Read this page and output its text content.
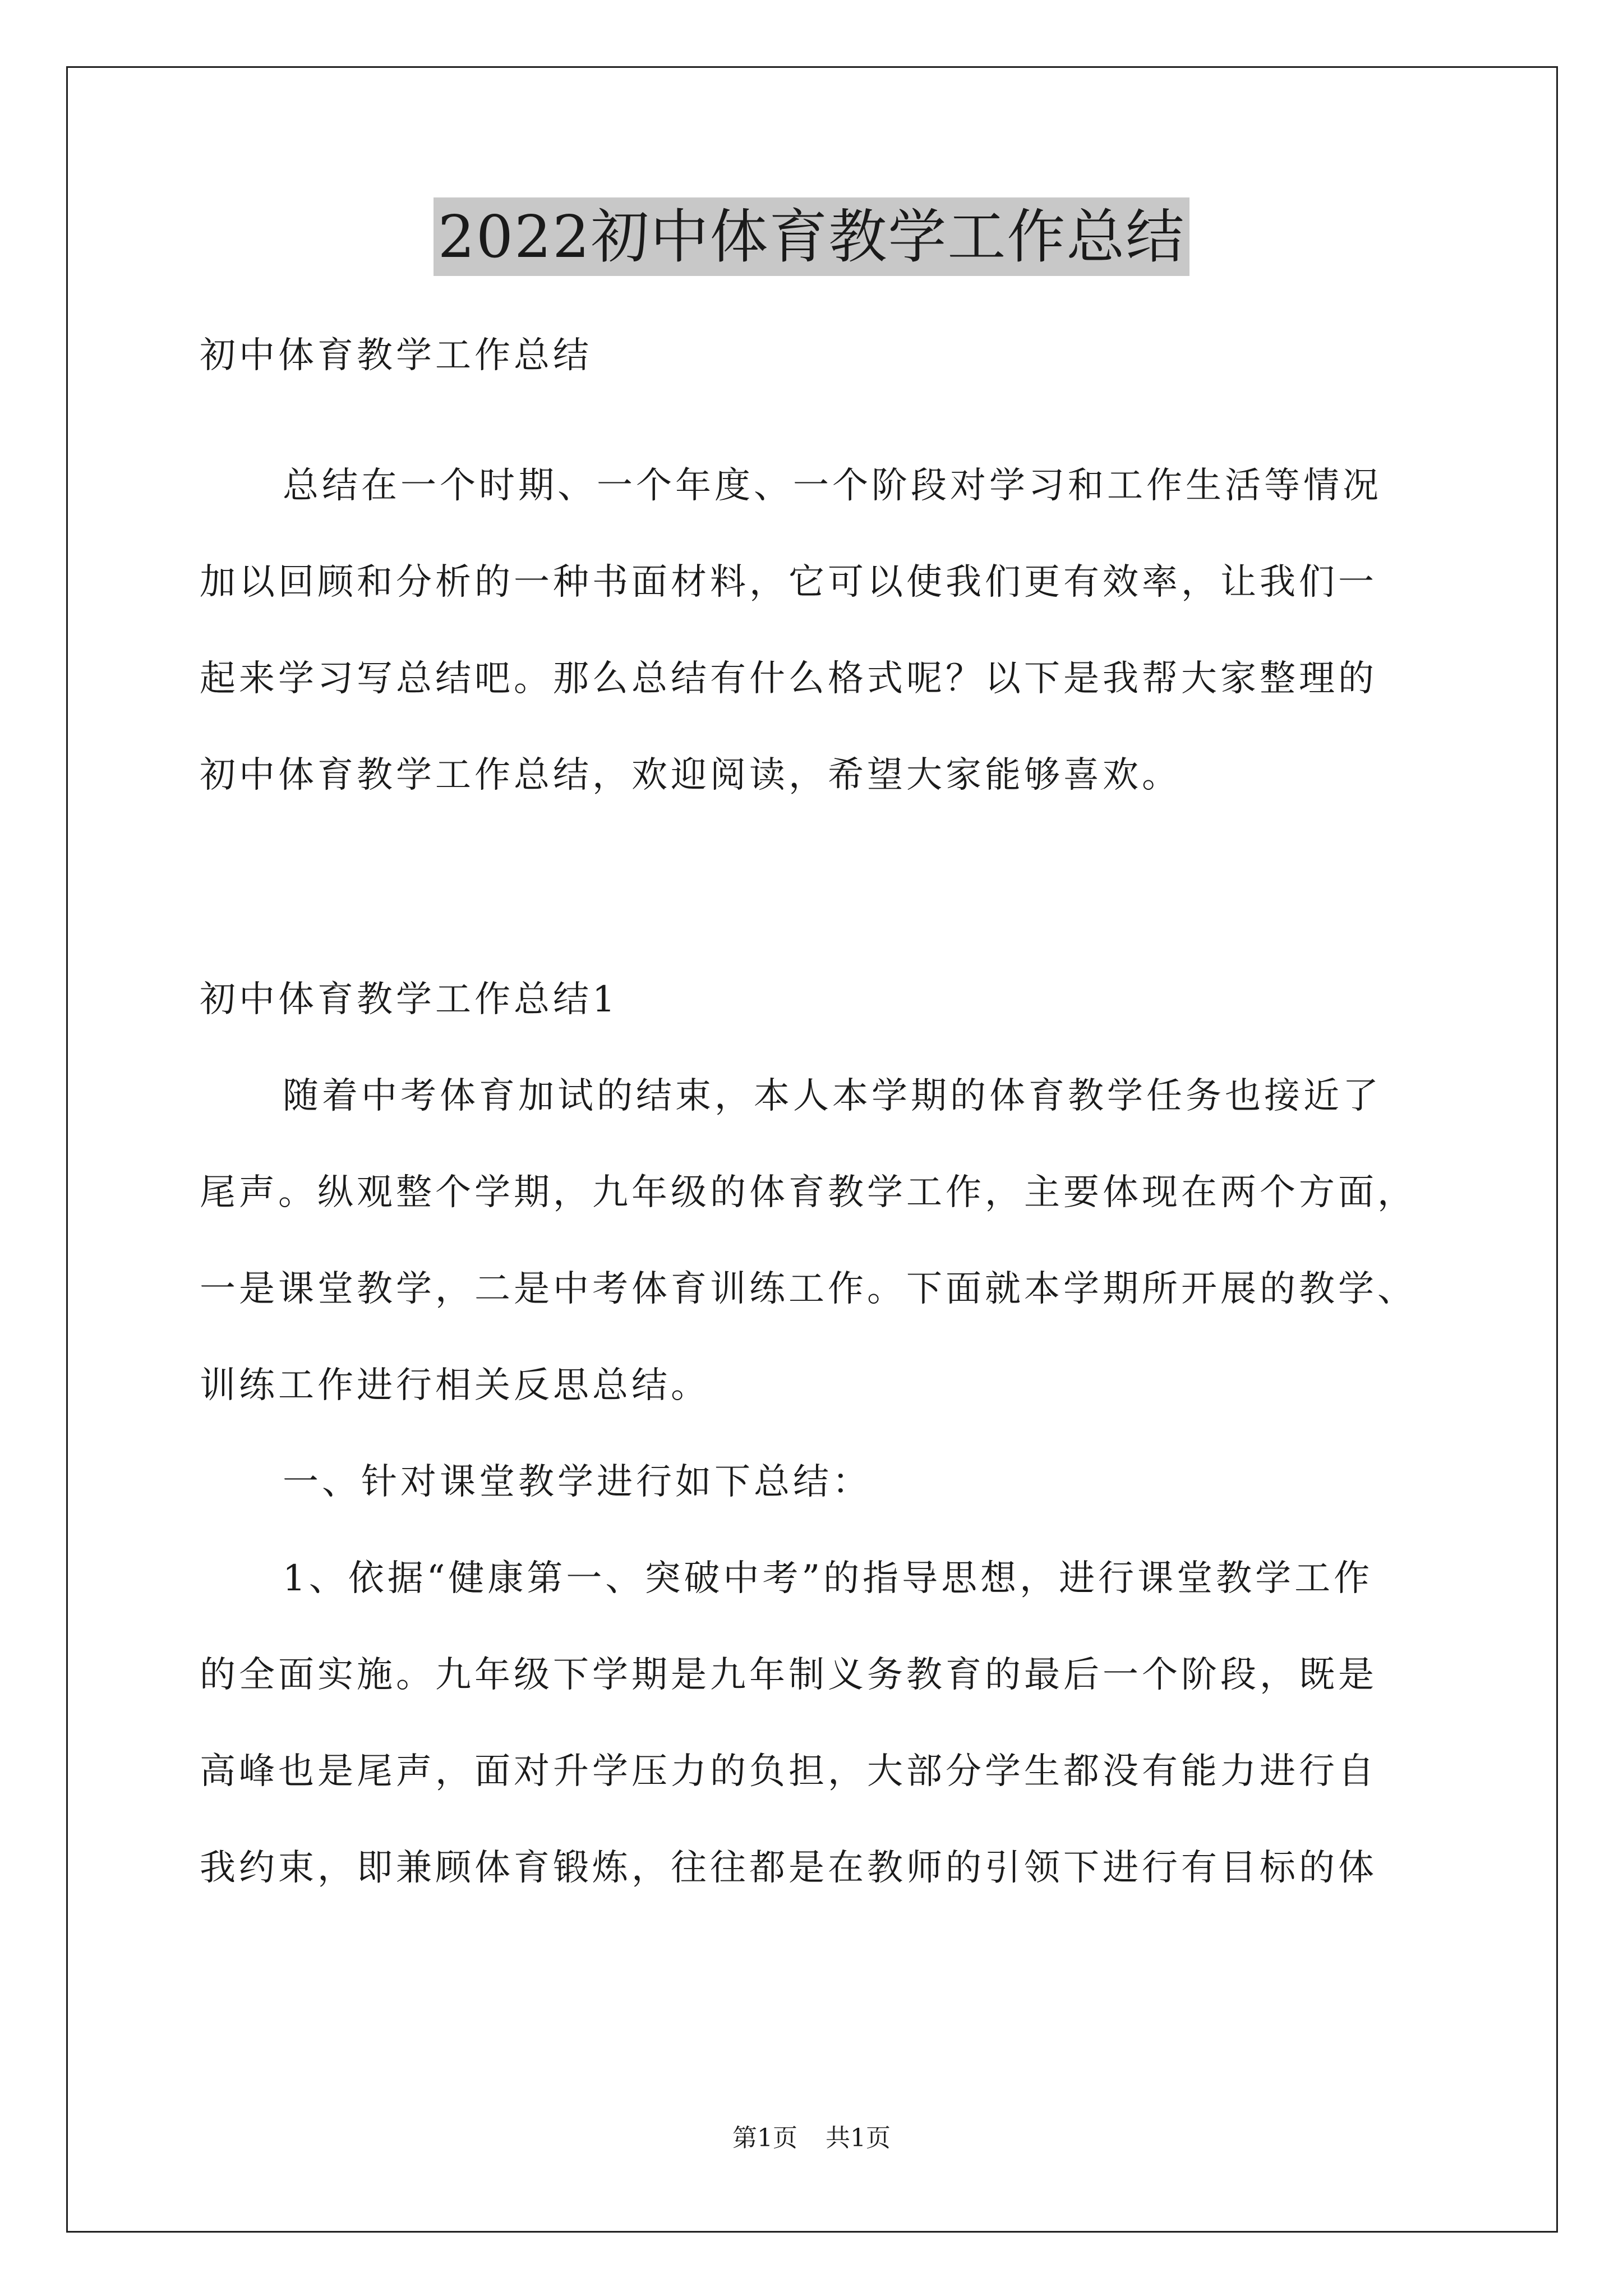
2022初中体育教学工作总结
初中体育教学工作总结
总结在一个时期、一个年度、一个阶段对学习和工作生活等情况
加以回顾和分析的一种书面材料，它可以使我们更有效率，让我们一
起来学习写总结吧。那么总结有什么格式呢？以下是我帮大家整理的
初中体育教学工作总结，欢迎阅读，希望大家能够喜欢。
初中体育教学工作总结1
随着中考体育加试的结束，本人本学期的体育教学任务也接近了
尾声。纵观整个学期，九年级的体育教学工作，主要体现在两个方面，
一是课堂教学，二是中考体育训练工作。下面就本学期所开展的教学、
训练工作进行相关反思总结。
一、针对课堂教学进行如下总结：
1、依据“健康第一、突破中考”的指导思想，进行课堂教学工作
的全面实施。九年级下学期是九年制义务教育的最后一个阶段，既是
高峰也是尾声，面对升学压力的负担，大部分学生都没有能力进行自
我约束，即兼顾体育锻炼，往往都是在教师的引领下进行有目标的体
第1页 共1页
